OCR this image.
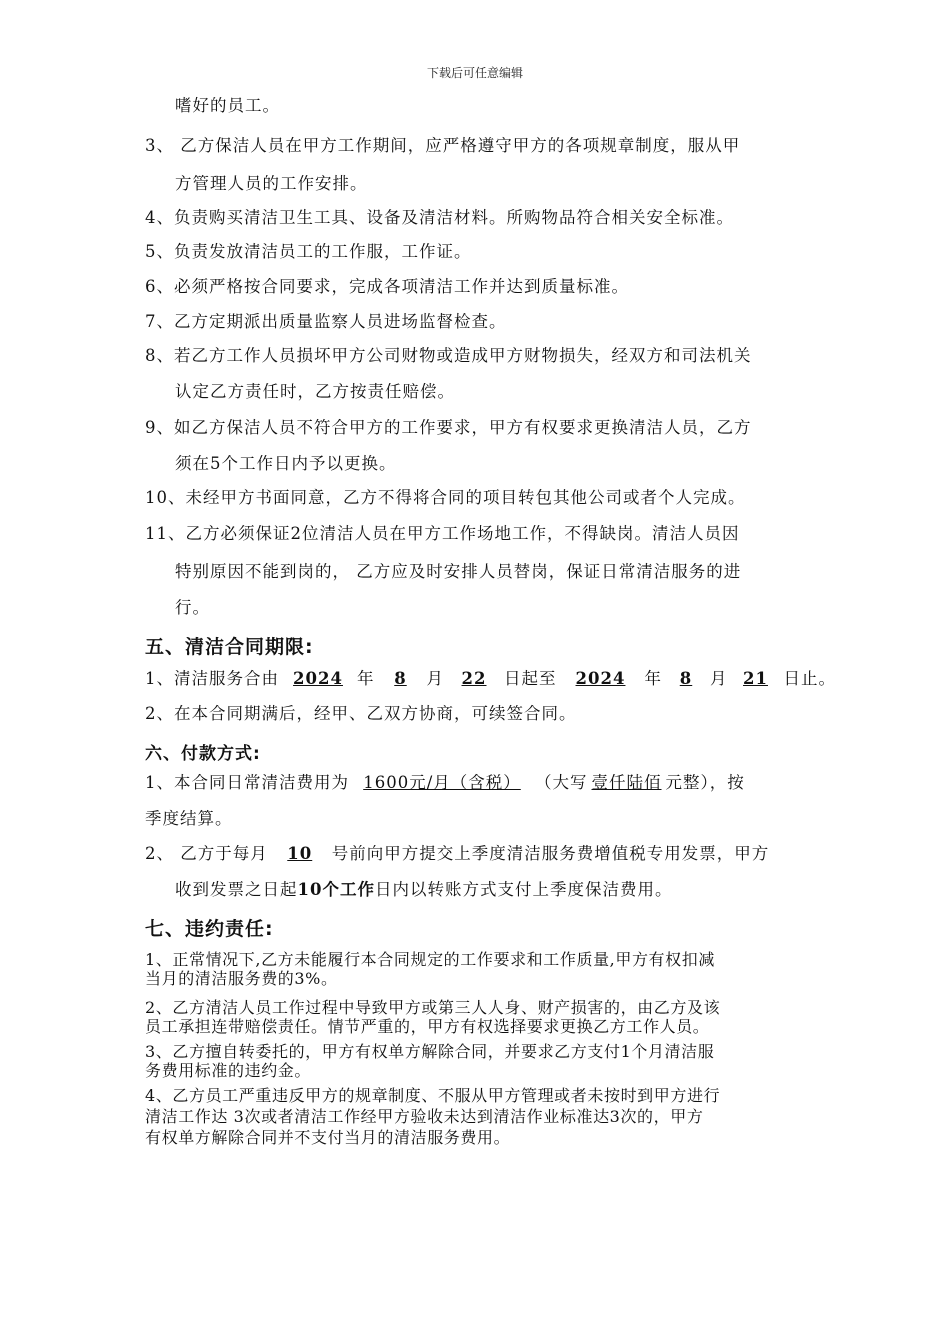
下载后可任意编辑
嗜好的员工。
3、 乙方保洁人员在甲方工作期间，应严格遵守甲方的各项规章制度，服从甲
方管理人员的工作安排。
4、负责购买清洁卫生工具、设备及清洁材料。所购物品符合相关安全标准。
5、负责发放清洁员工的工作服，工作证。
6、必须严格按合同要求，完成各项清洁工作并达到质量标准。
7、乙方定期派出质量监察人员进场监督检查。
8、若乙方工作人员损坏甲方公司财物或造成甲方财物损失，经双方和司法机关
认定乙方责任时，乙方按责任赔偿。
9、如乙方保洁人员不符合甲方的工作要求，甲方有权要求更换清洁人员，乙方
须在5个工作日内予以更换。
10、未经甲方书面同意，乙方不得将合同的项目转包其他公司或者个人完成。
11、乙方必须保证2位清洁人员在甲方工作场地工作，不得缺岗。清洁人员因
特别原因不能到岗的， 乙方应及时安排人员替岗，保证日常清洁服务的进
行。
五、清洁合同期限:
1、清洁服务合由 2024 年 8 月 22 日起至 2024 年 8 月 21 日止。
2、在本合同期满后，经甲、乙双方协商，可续签合同。
六、付款方式:
1、本合同日常清洁费用为 1600元/月（含税） （大写 壹仟陆佰 元整），按
季度结算。
2、 乙方于每月 10 号前向甲方提交上季度清洁服务费增值税专用发票，甲方
收到发票之日起10个工作日内以转账方式支付上季度保洁费用。
七、违约责任:
1、正常情况下,乙方未能履行本合同规定的工作要求和工作质量,甲方有权扣减
当月的清洁服务费的3%。
2、乙方清洁人员工作过程中导致甲方或第三人人身、财产损害的，由乙方及该
员工承担连带赔偿责任。情节严重的，甲方有权选择要求更换乙方工作人员。
3、乙方擅自转委托的，甲方有权单方解除合同，并要求乙方支付1个月清洁服
务费用标准的违约金。
4、乙方员工严重违反甲方的规章制度、不服从甲方管理或者未按时到甲方进行
清洁工作达 3次或者清洁工作经甲方验收未达到清洁作业标准达3次的，甲方
有权单方解除合同并不支付当月的清洁服务费用。
